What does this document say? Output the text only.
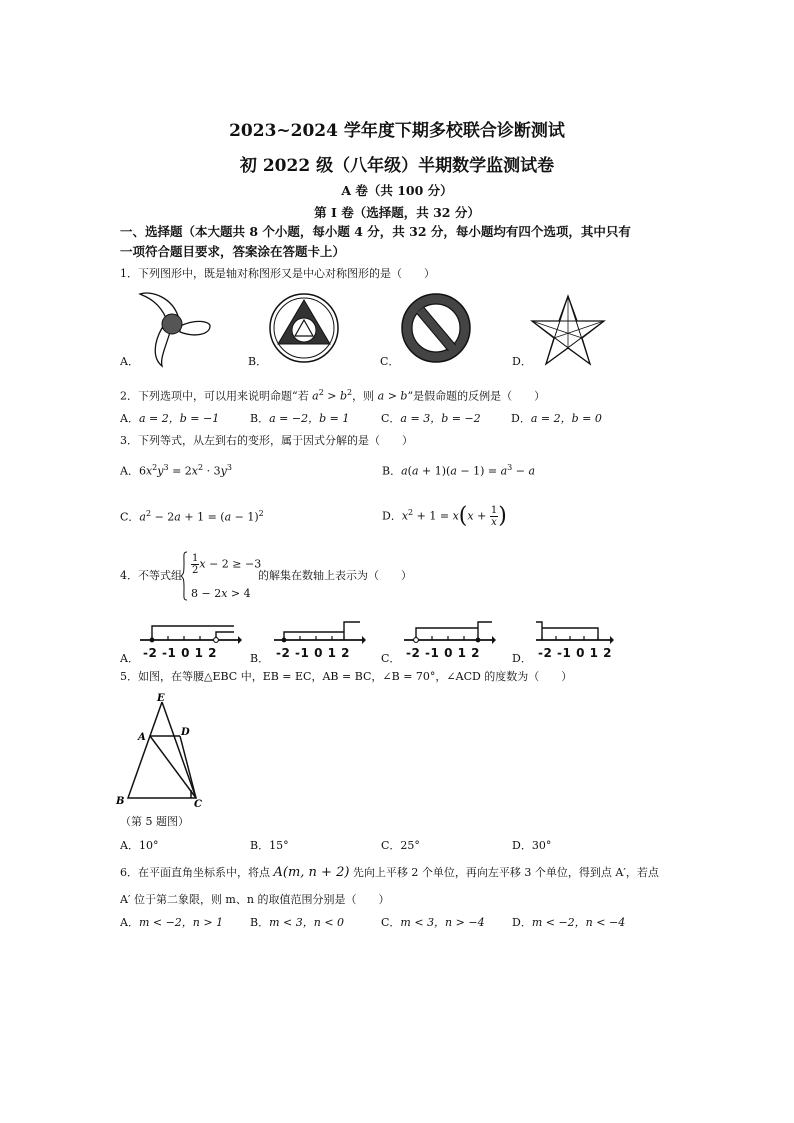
2023~2024 学年度下期多校联合诊断测试
初 2022 级（八年级）半期数学监测试卷
A 卷（共 100 分）
第 I 卷（选择题，共 32 分）
一、选择题（本大题共 8 个小题，每小题 4 分，共 32 分，每小题均有四个选项，其中只有
一项符合题目要求，答案涂在答题卡上）
1．下列图形中，既是轴对称图形又是中心对称图形的是（　　）
A．	B．	C．	D．
2．下列选项中，可以用来说明命题“若 $a^2 > b^2$，则 a > b”是假命题的反例是（　　）
A．a = 2，b = −1	B．a = −2，b = 1	C．a = 3，b = −2	D．a = 2，b = 0
3．下列等式，从左到右的变形，属于因式分解的是（　　）
A．$6x^2y^3 = 2x^2 \cdot 3y^3$	B．$a(a + 1)(a - 1) = a^3 - a$
C．$a^2 - 2a + 1 = (a - 1)^2$	D．$x^2 + 1 = x(x + \frac{1}{x}$ )
4．不等式组 $\frac{1}{2}$ x − 2 ≥ −3
8 − 2x > 4
的解集在数轴上表示为（　　）
A． -2 -1 0 1 2	B． -2 -1 0 1 2	C． -2 -1 0 1 2	D． -2 -1 0 1 2
5．如图，在等腰△EBC 中，EB = EC，AB = BC，∠B = 70°，∠ACD 的度数为（　　）
E
A	D
B	C
（第 5 题图）
A．10°	B．15°	C．25°	D．30°
6．在平面直角坐标系中，将点 A(m, n + 2) 先向上平移 2 个单位，再向左平移 3 个单位，得到点 A′，若点
A′ 位于第二象限，则 m、n 的取值范围分别是（　　）
A．m < −2，n > 1 B．m < 3，n < 0	C．m < 3，n > −4 D．m < −2，n < −4
